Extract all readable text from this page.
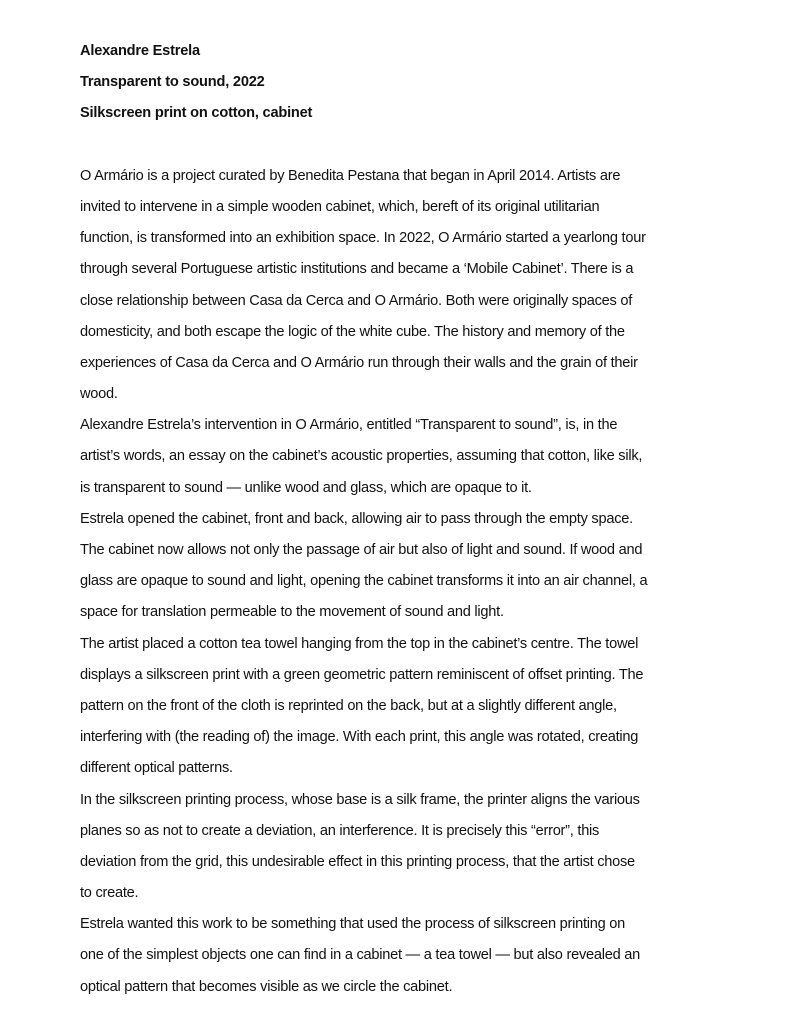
Alexandre Estrela
Transparent to sound, 2022
Silkscreen print on cotton, cabinet
O Armário is a project curated by Benedita Pestana that began in April 2014. Artists are
invited to intervene in a simple wooden cabinet, which, bereft of its original utilitarian
function, is transformed into an exhibition space. In 2022, O Armário started a yearlong tour
through several Portuguese artistic institutions and became a ‘Mobile Cabinet’. There is a
close relationship between Casa da Cerca and O Armário. Both were originally spaces of
domesticity, and both escape the logic of the white cube. The history and memory of the
experiences of Casa da Cerca and O Armário run through their walls and the grain of their
wood.
Alexandre Estrela’s intervention in O Armário, entitled “Transparent to sound”, is, in the
artist’s words, an essay on the cabinet’s acoustic properties, assuming that cotton, like silk,
is transparent to sound — unlike wood and glass, which are opaque to it.
Estrela opened the cabinet, front and back, allowing air to pass through the empty space.
The cabinet now allows not only the passage of air but also of light and sound. If wood and
glass are opaque to sound and light, opening the cabinet transforms it into an air channel, a
space for translation permeable to the movement of sound and light.
The artist placed a cotton tea towel hanging from the top in the cabinet’s centre. The towel
displays a silkscreen print with a green geometric pattern reminiscent of offset printing. The
pattern on the front of the cloth is reprinted on the back, but at a slightly different angle,
interfering with (the reading of) the image. With each print, this angle was rotated, creating
different optical patterns.
In the silkscreen printing process, whose base is a silk frame, the printer aligns the various
planes so as not to create a deviation, an interference. It is precisely this “error”, this
deviation from the grid, this undesirable effect in this printing process, that the artist chose
to create.
Estrela wanted this work to be something that used the process of silkscreen printing on
one of the simplest objects one can find in a cabinet — a tea towel — but also revealed an
optical pattern that becomes visible as we circle the cabinet.
